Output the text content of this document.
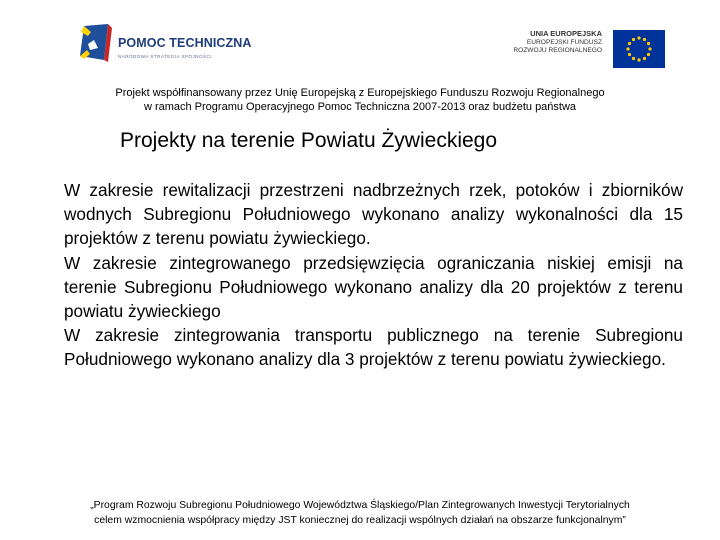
POMOC TECHNICZNA
NARODOWA STRATEGIA SPÓJNOŚCI
UNIA EUROPEJSKA
EUROPEJSKI FUNDUSZ
ROZWOJU REGIONALNEGO
Projekt współfinansowany przez Unię Europejską z Europejskiego Funduszu Rozwoju Regionalnego
w ramach Programu Operacyjnego Pomoc Techniczna 2007-2013 oraz budżetu państwa
Projekty na terenie Powiatu Żywieckiego

W zakresie rewitalizacji przestrzeni nadbrzeżnych rzek, potoków i zbiorników wodnych Subregionu Południowego wykonano analizy wykonalności dla 15 projektów z terenu powiatu żywieckiego.

W zakresie zintegrowanego przedsięwzięcia ograniczania niskiej emisji na terenie Subregionu Południowego wykonano analizy dla 20 projektów z terenu powiatu żywieckiego

W zakresie zintegrowania transportu publicznego na terenie Subregionu Południowego wykonano analizy dla 3 projektów z terenu powiatu żywieckiego.

„Program Rozwoju Subregionu Południowego Województwa Śląskiego/Plan Zintegrowanych Inwestycji Terytorialnych
celem wzmocnienia współpracy między JST koniecznej do realizacji wspólnych działań na obszarze funkcjonalnym”
